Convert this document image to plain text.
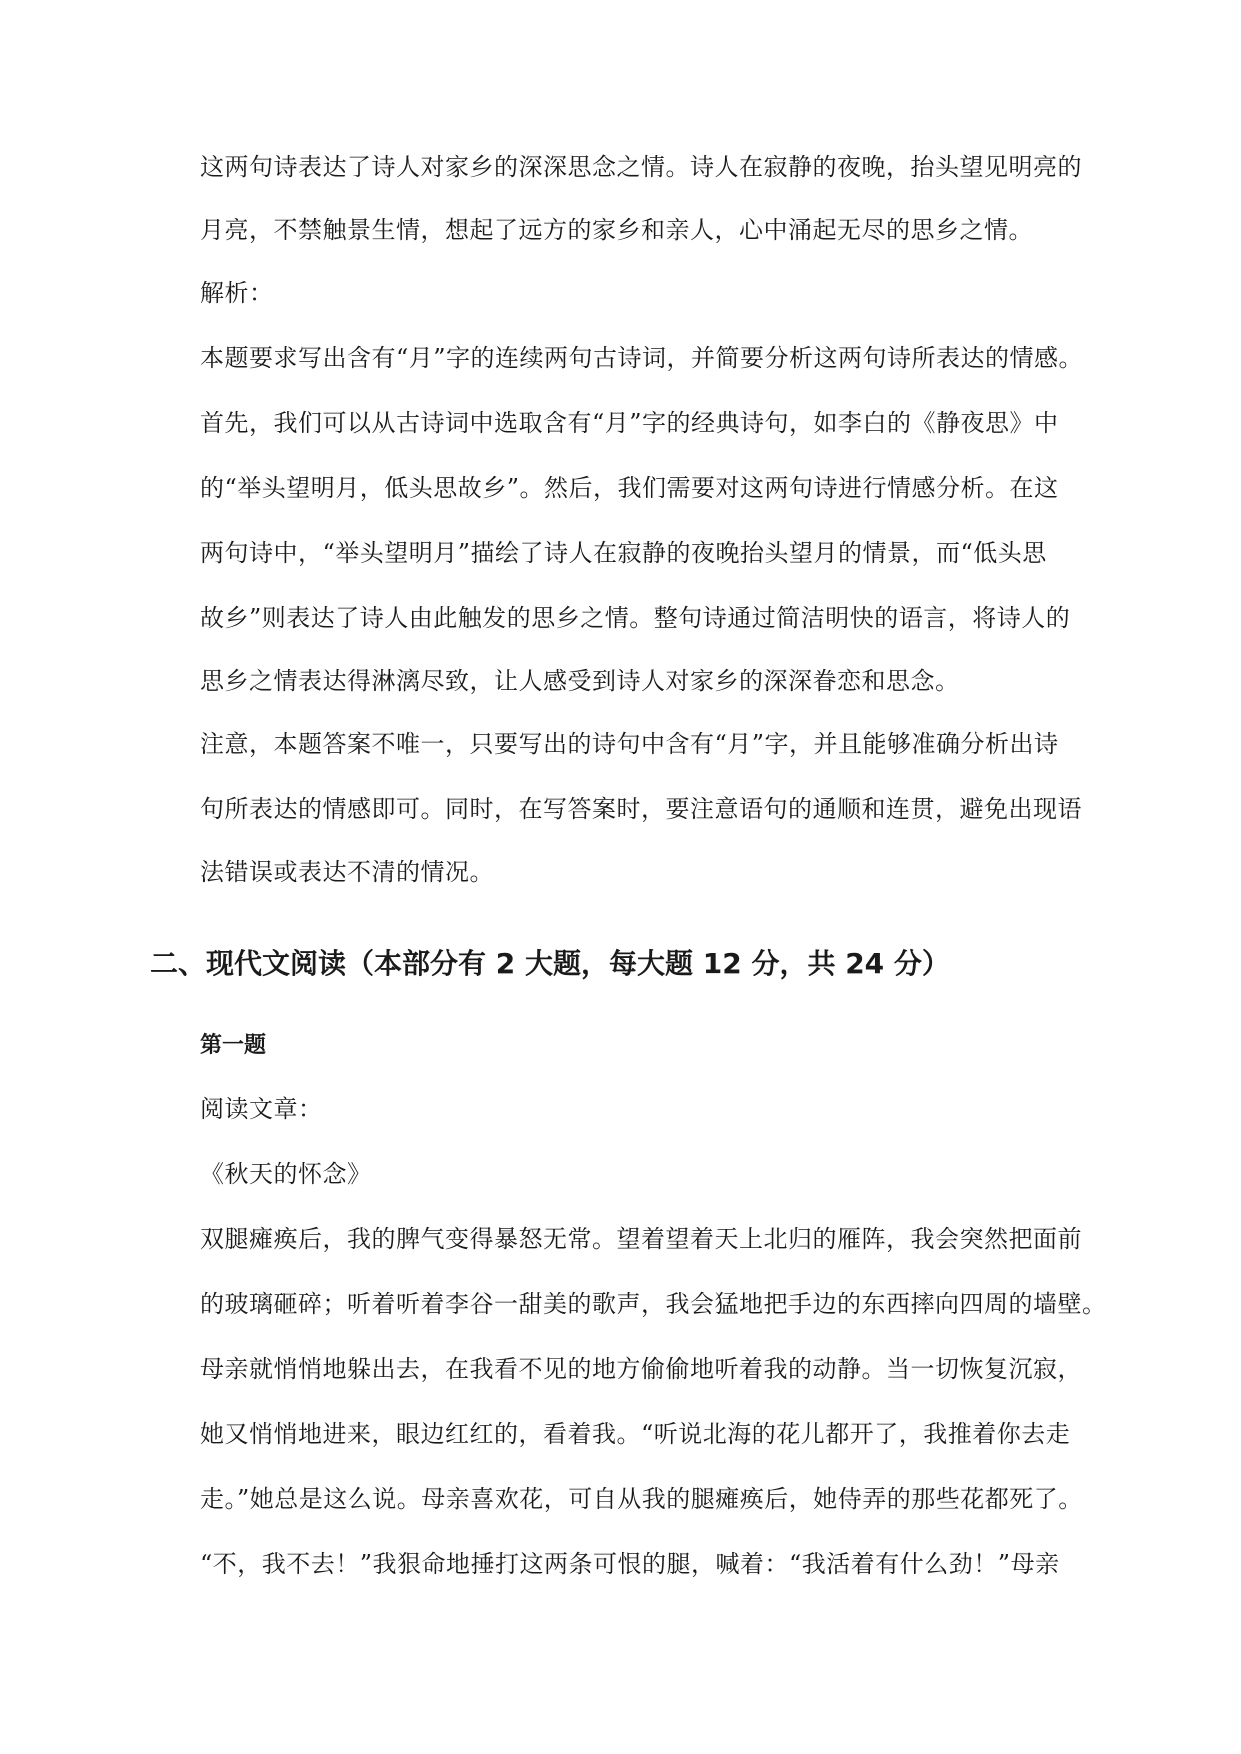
这两句诗表达了诗人对家乡的深深思念之情。诗人在寂静的夜晚，抬头望见明亮的
月亮，不禁触景生情，想起了远方的家乡和亲人，心中涌起无尽的思乡之情。
解析：
本题要求写出含有“月”字的连续两句古诗词，并简要分析这两句诗所表达的情感。
首先，我们可以从古诗词中选取含有“月”字的经典诗句，如李白的《静夜思》中
的“举头望明月，低头思故乡”。然后，我们需要对这两句诗进行情感分析。在这
两句诗中，“举头望明月”描绘了诗人在寂静的夜晚抬头望月的情景，而“低头思
故乡”则表达了诗人由此触发的思乡之情。整句诗通过简洁明快的语言，将诗人的
思乡之情表达得淋漓尽致，让人感受到诗人对家乡的深深眷恋和思念。
注意，本题答案不唯一，只要写出的诗句中含有“月”字，并且能够准确分析出诗
句所表达的情感即可。同时，在写答案时，要注意语句的通顺和连贯，避免出现语
法错误或表达不清的情况。
二、现代文阅读（本部分有 2 大题，每大题 12 分，共 24 分）
第一题
阅读文章：
《秋天的怀念》
双腿瘫痪后，我的脾气变得暴怒无常。望着望着天上北归的雁阵，我会突然把面前
的玻璃砸碎；听着听着李谷一甜美的歌声，我会猛地把手边的东西摔向四周的墙壁。
母亲就悄悄地躲出去，在我看不见的地方偷偷地听着我的动静。当一切恢复沉寂，
她又悄悄地进来，眼边红红的，看着我。“听说北海的花儿都开了，我推着你去走
走。”她总是这么说。母亲喜欢花，可自从我的腿瘫痪后，她侍弄的那些花都死了。
“不，我不去！”我狠命地捶打这两条可恨的腿，喊着：“我活着有什么劲！”母亲
